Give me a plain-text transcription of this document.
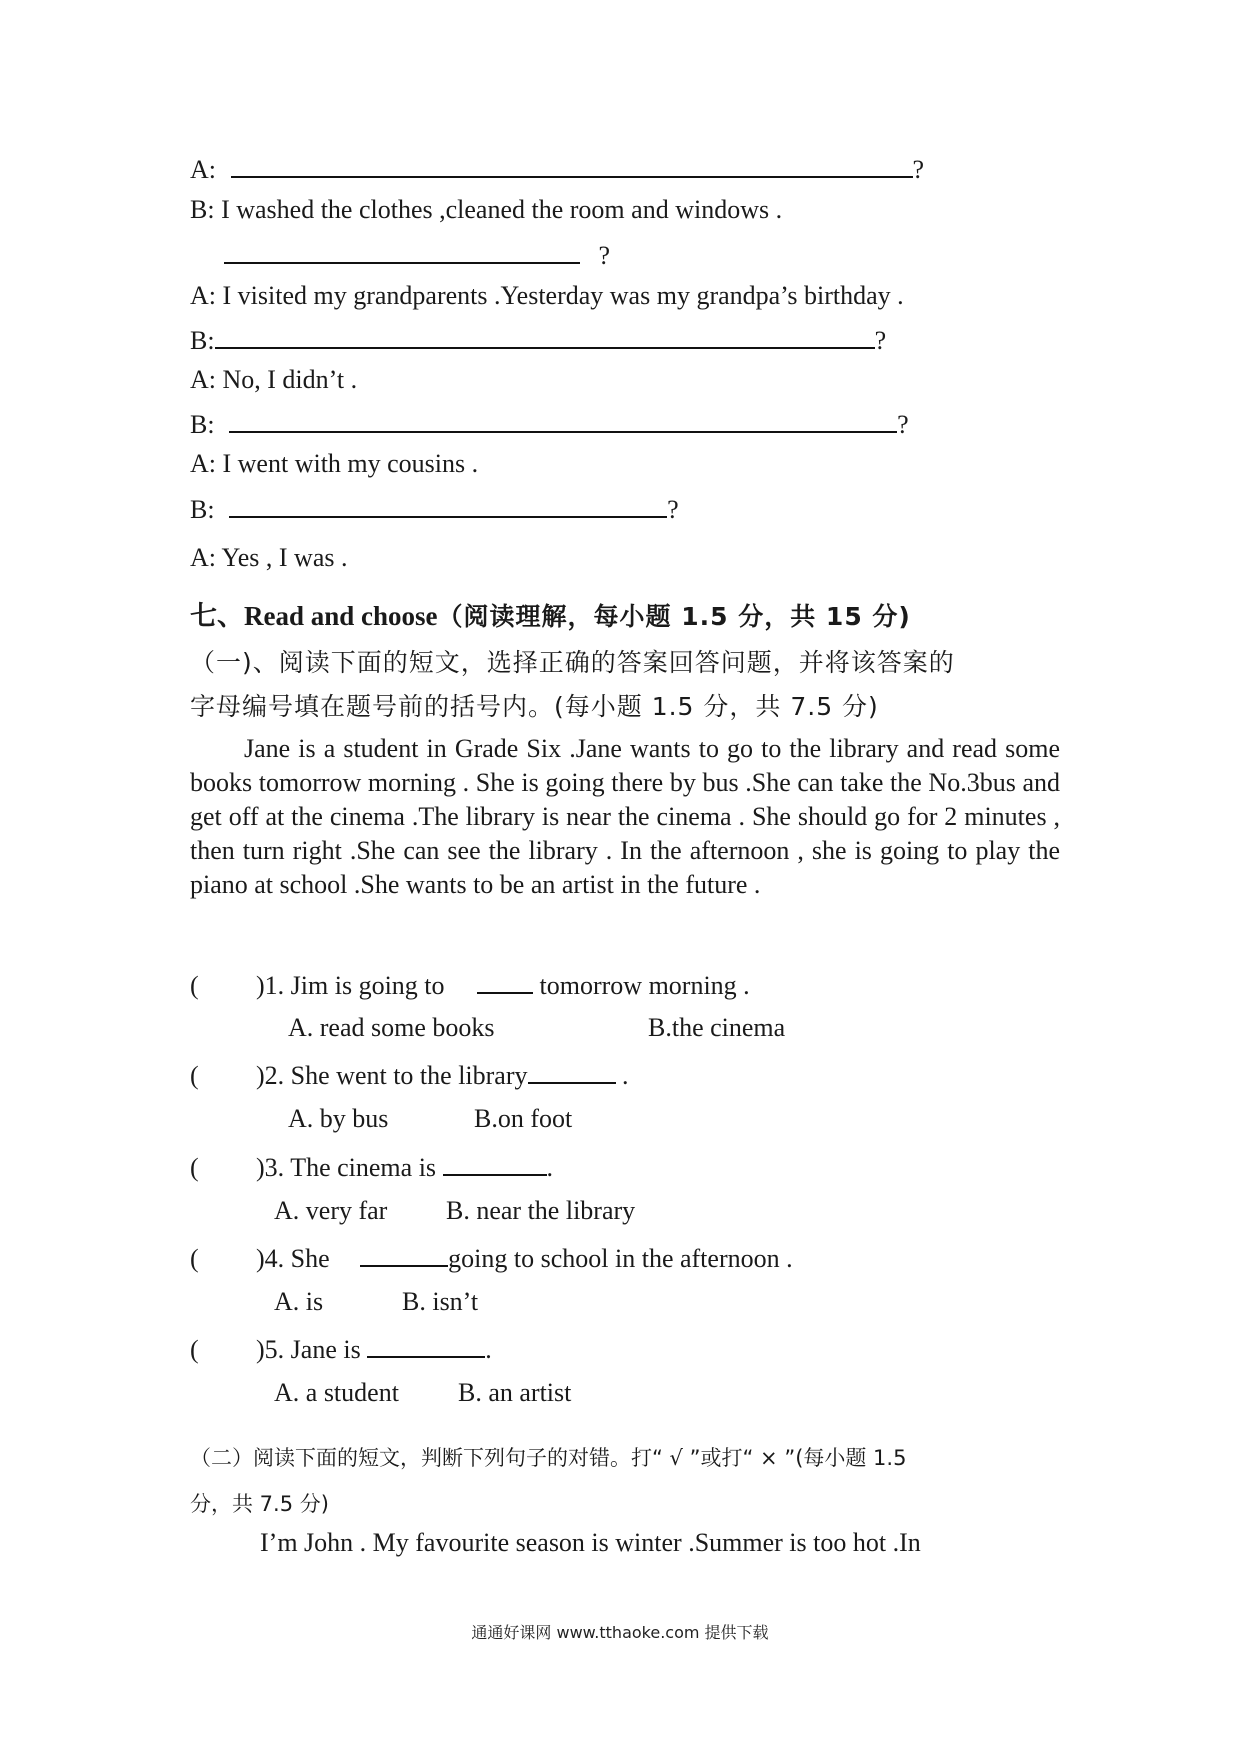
A:	?
B: I washed the clothes ,cleaned the room and windows .
?
A: I visited my grandparents .Yesterday was my grandpa’s birthday .
B:	?
A: No, I didn’t .
B:	?
A: I went with my cousins .
B:	?
A: Yes , I was .
七、Read and choose（阅读理解，每小题 1.5 分，共 15 分)
（一)、阅读下面的短文，选择正确的答案回答问题，并将该答案的
字母编号填在题号前的括号内。(每小题 1.5 分，共 7.5 分)
Jane is a student in Grade Six .Jane wants to go to the library and read some books tomorrow morning . She is going there by bus .She can take the No.3bus and get off at the cinema .The library is near the cinema . She should go for 2 minutes , then turn right .She can see the library . In the afternoon , she is going to play the piano at school .She wants to be an artist in the future .
( )1. Jim is going to	tomorrow morning .
A. read some books	B.the cinema
( )2. She went to the library	.
A. by bus	B.on foot
( )3. The cinema is	.
A. very far B. near the library
( )4. She	going to school in the afternoon .
A. is	B. isn’t
( )5. Jane is	.
A. a student B. an artist
（二）阅读下面的短文，判断下列句子的对错。打“ √ ”或打“ × ”(每小题 1.5
分，共 7.5 分)
I’m John . My favourite season is winter .Summer is too hot .In
通通好课网 www.tthaoke.com 提供下载
